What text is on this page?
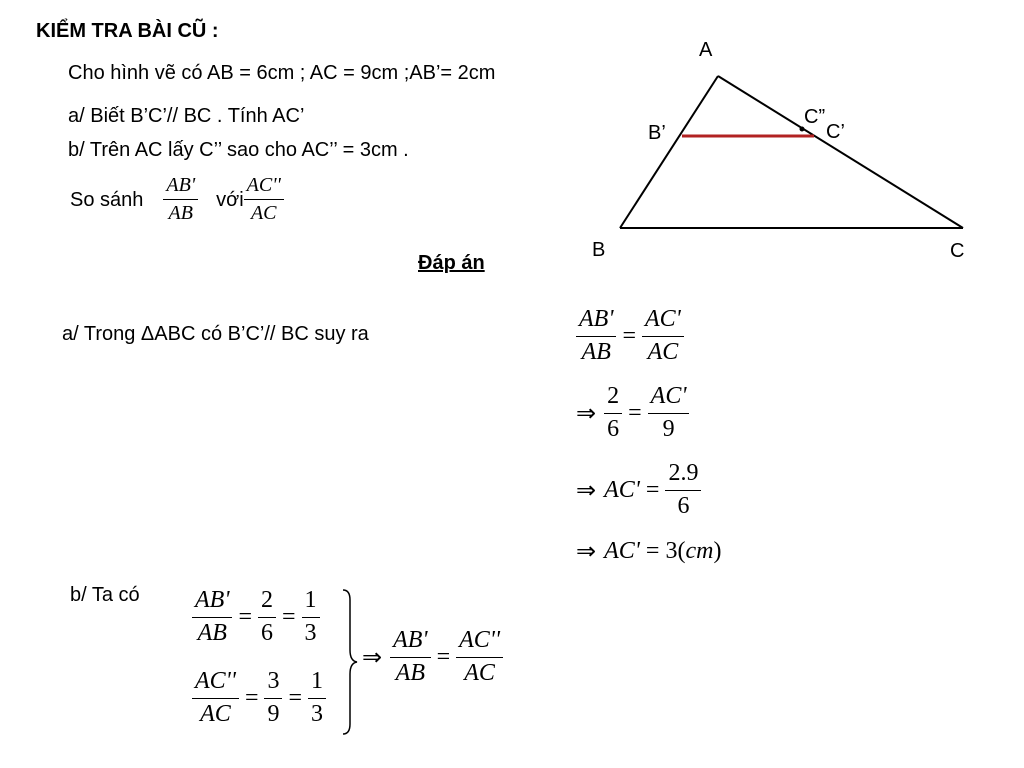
KIỂM TRA BÀI CŨ :
Cho hình vẽ có AB = 6cm ; AC = 9cm ;AB’= 2cm
a/ Biết B’C’// BC . Tính AC’
b/ Trên AC lấy C’’ sao cho AC’’ = 3cm .
So sánh $\frac{AB'}{AB}$ với $\frac{AC''}{AC}$
A
B’
C”
C’
B	C
Đáp án
a/ Trong ΔABC có B’C’// BC suy ra	$\frac{AB'}{AB} = \frac{AC'}{AC}$
⇒ $\frac{2}{6} = \frac{AC'}{9}$
⇒ $AC' = \frac{2.9}{6}$
⇒ AC' = 3 ( cm )
b/ Ta có $\frac{AB'}{AB} = \frac{2}{6} = \frac{1}{3}$
$\frac{AC''}{AC} = \frac{3}{9} = \frac{1}{3}$
⇒ $\frac{AB'}{AB} = \frac{AC''}{AC}$
